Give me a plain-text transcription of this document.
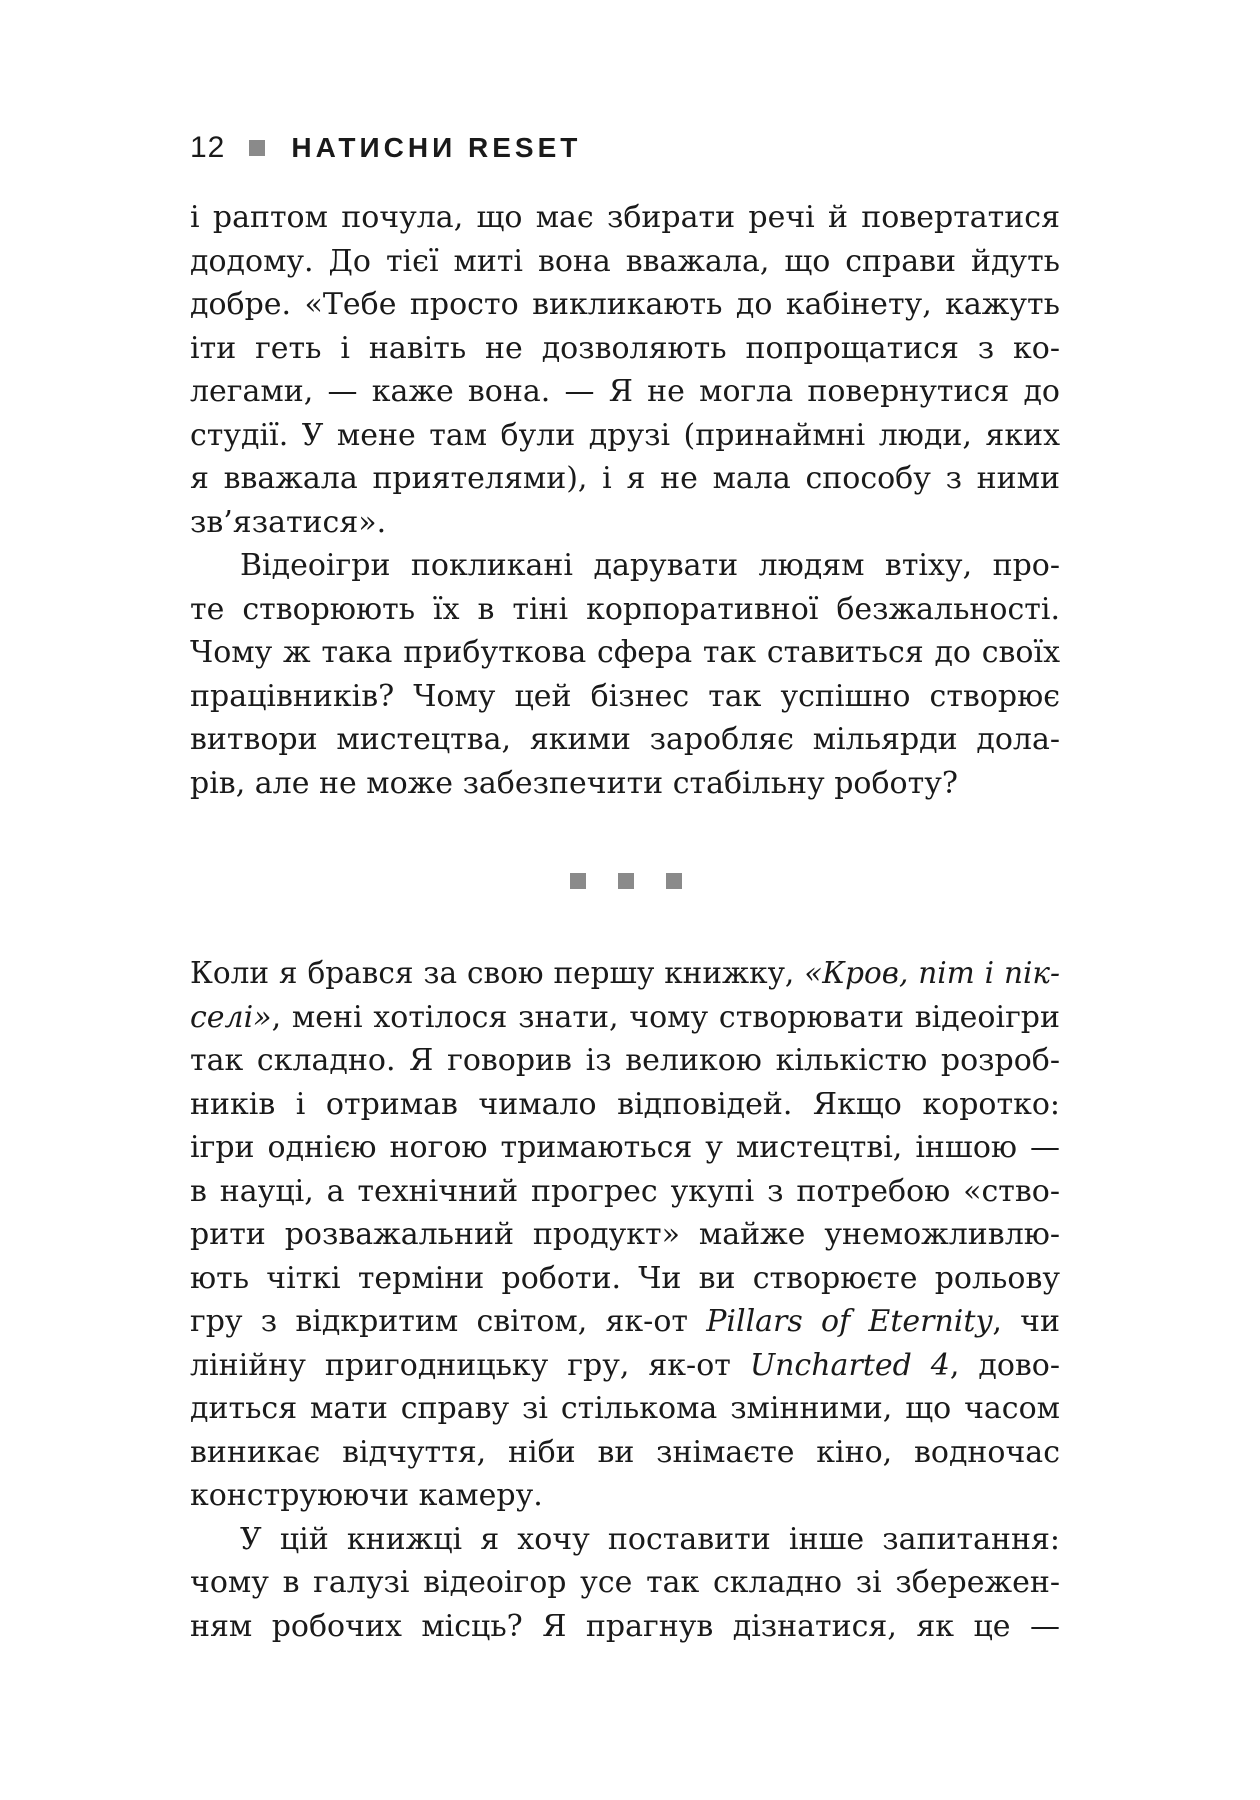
12 НАТИСНИ RESET
і раптом почула, що має збирати речі й повертатися
додому. До тієї миті вона вважала, що справи йдуть
добре. «Тебе просто викликають до кабінету, кажуть
іти геть і навіть не дозволяють попрощатися з ко-
легами, — каже вона. — Я не могла повернутися до
студії. У мене там були друзі (принаймні люди, яких
я вважала приятелями), і я не мала способу з ними
зв’язатися».
Відеоігри покликані дарувати людям втіху, про-
те створюють їх в тіні корпоративної безжальності.
Чому ж така прибуткова сфера так ставиться до своїх
працівників? Чому цей бізнес так успішно створює
витвори мистецтва, якими заробляє мільярди дола-
рів, але не може забезпечити стабільну роботу?
Коли я брався за свою першу книжку, «Кров, піт і пік-
селі», мені хотілося знати, чому створювати відеоігри
так складно. Я говорив із великою кількістю розроб-
ників і отримав чимало відповідей. Якщо коротко:
ігри однією ногою тримаються у мистецтві, іншою —
в науці, а технічний прогрес укупі з потребою «ство-
рити розважальний продукт» майже унеможливлю-
ють чіткі терміни роботи. Чи ви створюєте рольову
гру з відкритим світом, як-от Pillars of Eternity, чи
лінійну пригодницьку гру, як-от Uncharted 4, дово-
диться мати справу зі стількома змінними, що часом
виникає відчуття, ніби ви знімаєте кіно, водночас
конструюючи камеру.
У цій книжці я хочу поставити інше запитання:
чому в галузі відеоігор усе так складно зі збережен-
ням робочих місць? Я прагнув дізнатися, як це —
